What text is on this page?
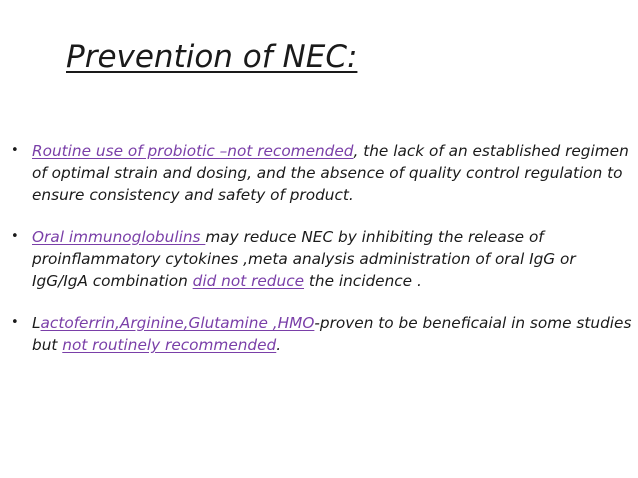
Prevention of NEC:
• Routine use of probiotic –not recomended, the lack of an established regimen of optimal strain and dosing, and the absence of quality control regulation to ensure consistency and safety of product.
• Oral immunoglobulins may reduce NEC by inhibiting the release of proinflammatory cytokines ,meta analysis administration of oral IgG or IgG/IgA combination did not reduce the incidence .
• Lactoferrin,Arginine,Glutamine ,HMO-proven to be beneficaial in some studies but not routinely recommended.
